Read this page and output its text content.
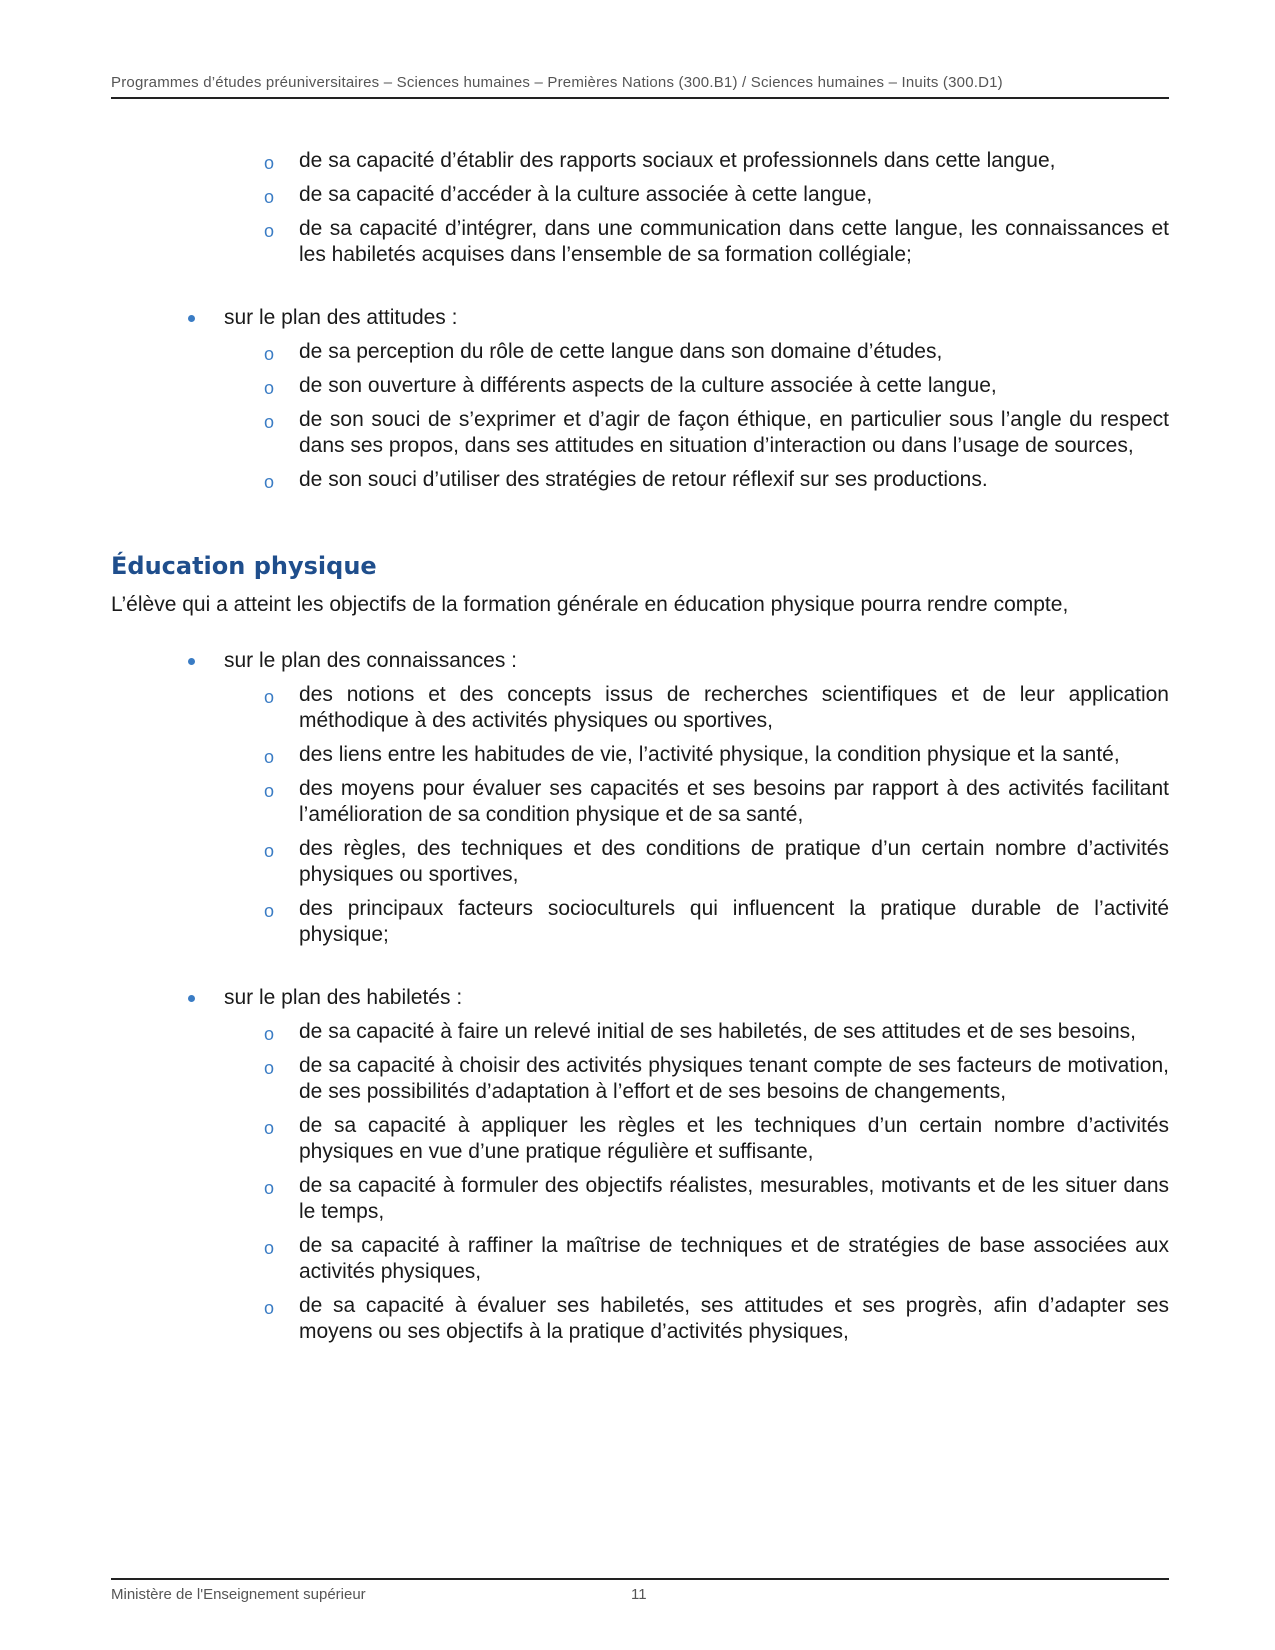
Programmes d’études préuniversitaires – Sciences humaines – Premières Nations (300.B1) / Sciences humaines – Inuits (300.D1)
o de sa capacité d’établir des rapports sociaux et professionnels dans cette langue,
o de sa capacité d’accéder à la culture associée à cette langue,
o de sa capacité d’intégrer, dans une communication dans cette langue, les connaissances et les habiletés acquises dans l’ensemble de sa formation collégiale;
sur le plan des attitudes :
o de sa perception du rôle de cette langue dans son domaine d’études,
o de son ouverture à différents aspects de la culture associée à cette langue,
o de son souci de s’exprimer et d’agir de façon éthique, en particulier sous l’angle du respect dans ses propos, dans ses attitudes en situation d’interaction ou dans l’usage de sources,
o de son souci d’utiliser des stratégies de retour réflexif sur ses productions.
Éducation physique
L’élève qui a atteint les objectifs de la formation générale en éducation physique pourra rendre compte,
sur le plan des connaissances :
o des notions et des concepts issus de recherches scientifiques et de leur application méthodique à des activités physiques ou sportives,
o des liens entre les habitudes de vie, l’activité physique, la condition physique et la santé,
o des moyens pour évaluer ses capacités et ses besoins par rapport à des activités facilitant l’amélioration de sa condition physique et de sa santé,
o des règles, des techniques et des conditions de pratique d’un certain nombre d’activités physiques ou sportives,
o des principaux facteurs socioculturels qui influencent la pratique durable de l’activité physique;
sur le plan des habiletés :
o de sa capacité à faire un relevé initial de ses habiletés, de ses attitudes et de ses besoins,
o de sa capacité à choisir des activités physiques tenant compte de ses facteurs de motivation, de ses possibilités d’adaptation à l’effort et de ses besoins de changements,
o de sa capacité à appliquer les règles et les techniques d’un certain nombre d’activités physiques en vue d’une pratique régulière et suffisante,
o de sa capacité à formuler des objectifs réalistes, mesurables, motivants et de les situer dans le temps,
o de sa capacité à raffiner la maîtrise de techniques et de stratégies de base associées aux activités physiques,
o de sa capacité à évaluer ses habiletés, ses attitudes et ses progrès, afin d’adapter ses moyens ou ses objectifs à la pratique d’activités physiques,
Ministère de l'Enseignement supérieur	11
